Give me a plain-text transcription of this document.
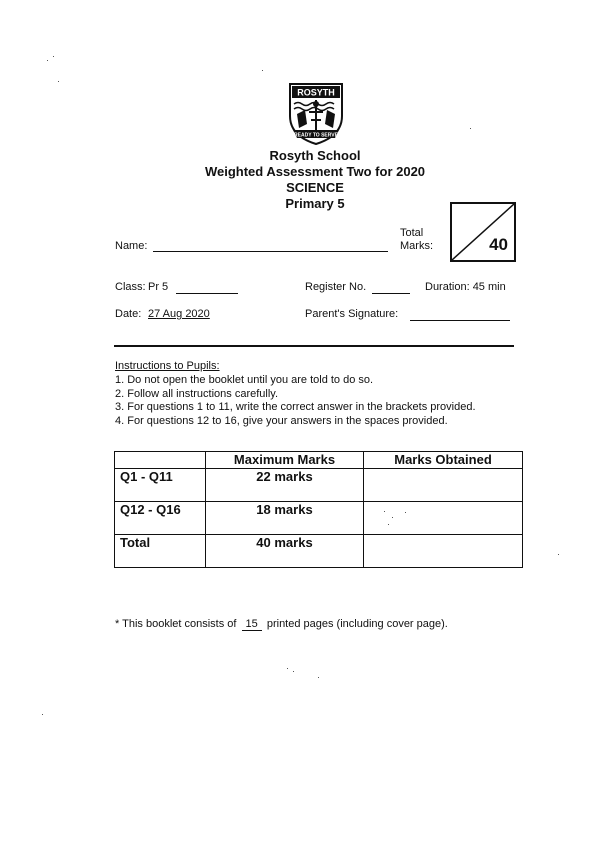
ROSYTH
READY TO SERVE
Rosyth School
Weighted Assessment Two for 2020
SCIENCE
Primary 5
Name:
Total
Marks:	40
Class: Pr 5	Register No.	Duration: 45 min
Date: 27 Aug 2020	Parent's Signature:
Instructions to Pupils:
1. Do not open the booklet until you are told to do so.
2. Follow all instructions carefully.
3. For questions 1 to 11, write the correct answer in the brackets provided.
4. For questions 12 to 16, give your answers in the spaces provided.
	Maximum Marks	Marks Obtained
Q1 - Q11	22 marks	
Q12 - Q16	18 marks	
Total	40 marks	
* This booklet consists of 15 printed pages (including cover page).
